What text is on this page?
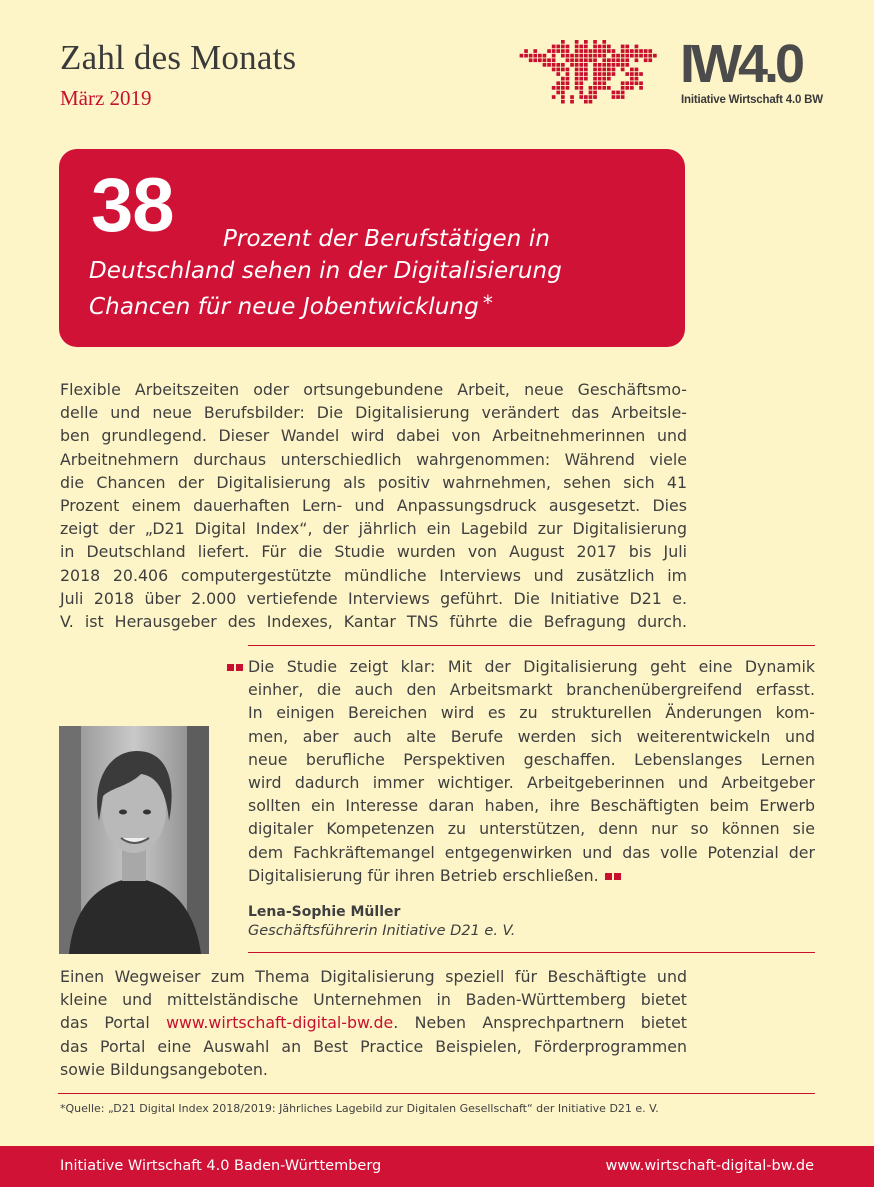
Zahl des Monats
März 2019
IW4.0
Initiative Wirtschaft 4.0 BW
38 Prozent der Berufstätigen in
Deutschland sehen in der Digitalisierung
Chancen für neue Jobentwicklung *
Flexible Arbeitszeiten oder ortsungebundene Arbeit, neue Geschäftsmo-
delle und neue Berufsbilder: Die Digitalisierung verändert das Arbeitsle-
ben grundlegend. Dieser Wandel wird dabei von Arbeitnehmerinnen und
Arbeitnehmern durchaus unterschiedlich wahrgenommen: Während viele
die Chancen der Digitalisierung als positiv wahrnehmen, sehen sich 41
Prozent einem dauerhaften Lern- und Anpassungsdruck ausgesetzt. Dies
zeigt der „D21 Digital Index“, der jährlich ein Lagebild zur Digitalisierung
in Deutschland liefert. Für die Studie wurden von August 2017 bis Juli
2018 20.406 computergestützte mündliche Interviews und zusätzlich im
Juli 2018 über 2.000 vertiefende Interviews geführt. Die Initiative D21 e.
V. ist Herausgeber des Indexes, Kantar TNS führte die Befragung durch.
Die Studie zeigt klar: Mit der Digitalisierung geht eine Dynamik
einher, die auch den Arbeitsmarkt branchenübergreifend erfasst.
In einigen Bereichen wird es zu strukturellen Änderungen kom-
men, aber auch alte Berufe werden sich weiterentwickeln und
neue berufliche Perspektiven geschaffen. Lebenslanges Lernen
wird dadurch immer wichtiger. Arbeitgeberinnen und Arbeitgeber
sollten ein Interesse daran haben, ihre Beschäftigten beim Erwerb
digitaler Kompetenzen zu unterstützen, denn nur so können sie
dem Fachkräftemangel entgegenwirken und das volle Potenzial der
Digitalisierung für ihren Betrieb erschließen.
Lena-Sophie Müller
Geschäftsführerin Initiative D21 e. V.
Einen Wegweiser zum Thema Digitalisierung speziell für Beschäftigte und
kleine und mittelständische Unternehmen in Baden-Württemberg bietet
das Portal www.wirtschaft-digital-bw.de. Neben Ansprechpartnern bietet
das Portal eine Auswahl an Best Practice Beispielen, Förderprogrammen
sowie Bildungsangeboten.
*Quelle: „D21 Digital Index 2018/2019: Jährliches Lagebild zur Digitalen Gesellschaft“ der Initiative D21 e. V.
Initiative Wirtschaft 4.0 Baden-Württemberg	www.wirtschaft-digital-bw.de
